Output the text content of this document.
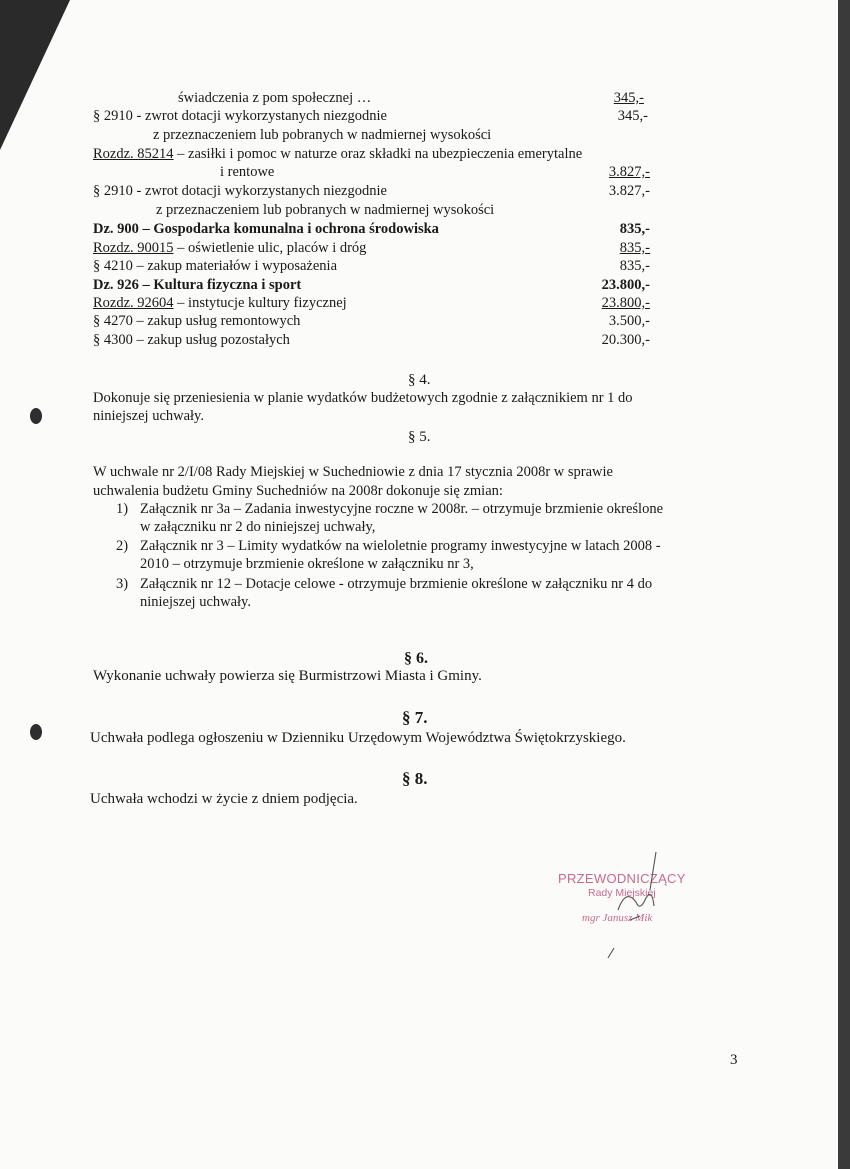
świadczenia z pom społecznej …	345,-
§ 2910 - zwrot dotacji wykorzystanych niezgodnie	345,-
z przeznaczeniem lub pobranych w nadmiernej wysokości
Rozdz. 85214 – zasiłki i pomoc w naturze oraz składki na ubezpieczenia emerytalne
i rentowe	3.827,-
§ 2910 - zwrot dotacji wykorzystanych niezgodnie	3.827,-
z przeznaczeniem lub pobranych w nadmiernej wysokości
Dz. 900 – Gospodarka komunalna i ochrona środowiska	835,-
Rozdz. 90015 – oświetlenie ulic, placów i dróg	835,-
§ 4210 – zakup materiałów i wyposażenia	835,-
Dz. 926 – Kultura fizyczna i sport	23.800,-
Rozdz. 92604 – instytucje kultury fizycznej	23.800,-
§ 4270 – zakup usług remontowych	3.500,-
§ 4300 – zakup usług pozostałych	20.300,-
§ 4.
Dokonuje się przeniesienia w planie wydatków budżetowych zgodnie z załącznikiem nr 1 do
niniejszej uchwały.
§ 5.
W uchwale nr 2/I/08 Rady Miejskiej w Suchedniowie z dnia 17 stycznia 2008r w sprawie
uchwalenia budżetu Gminy Suchedniów na 2008r dokonuje się zmian:
1) Załącznik nr 3a – Zadania inwestycyjne roczne w 2008r. – otrzymuje brzmienie określone
w załączniku nr 2 do niniejszej uchwały,
2) Załącznik nr 3 – Limity wydatków na wieloletnie programy inwestycyjne w latach 2008 -
2010 – otrzymuje brzmienie określone w załączniku nr 3,
3) Załącznik nr 12 – Dotacje celowe - otrzymuje brzmienie określone w załączniku nr 4 do
niniejszej uchwały.
§ 6.
Wykonanie uchwały powierza się Burmistrzowi Miasta i Gminy.
§ 7.
Uchwała podlega ogłoszeniu w Dzienniku Urzędowym Województwa Świętokrzyskiego.
§ 8.
Uchwała wchodzi w życie z dniem podjęcia.
PRZEWODNICZĄCY
Rady Miejskiej
mgr Janusz Mik
3
